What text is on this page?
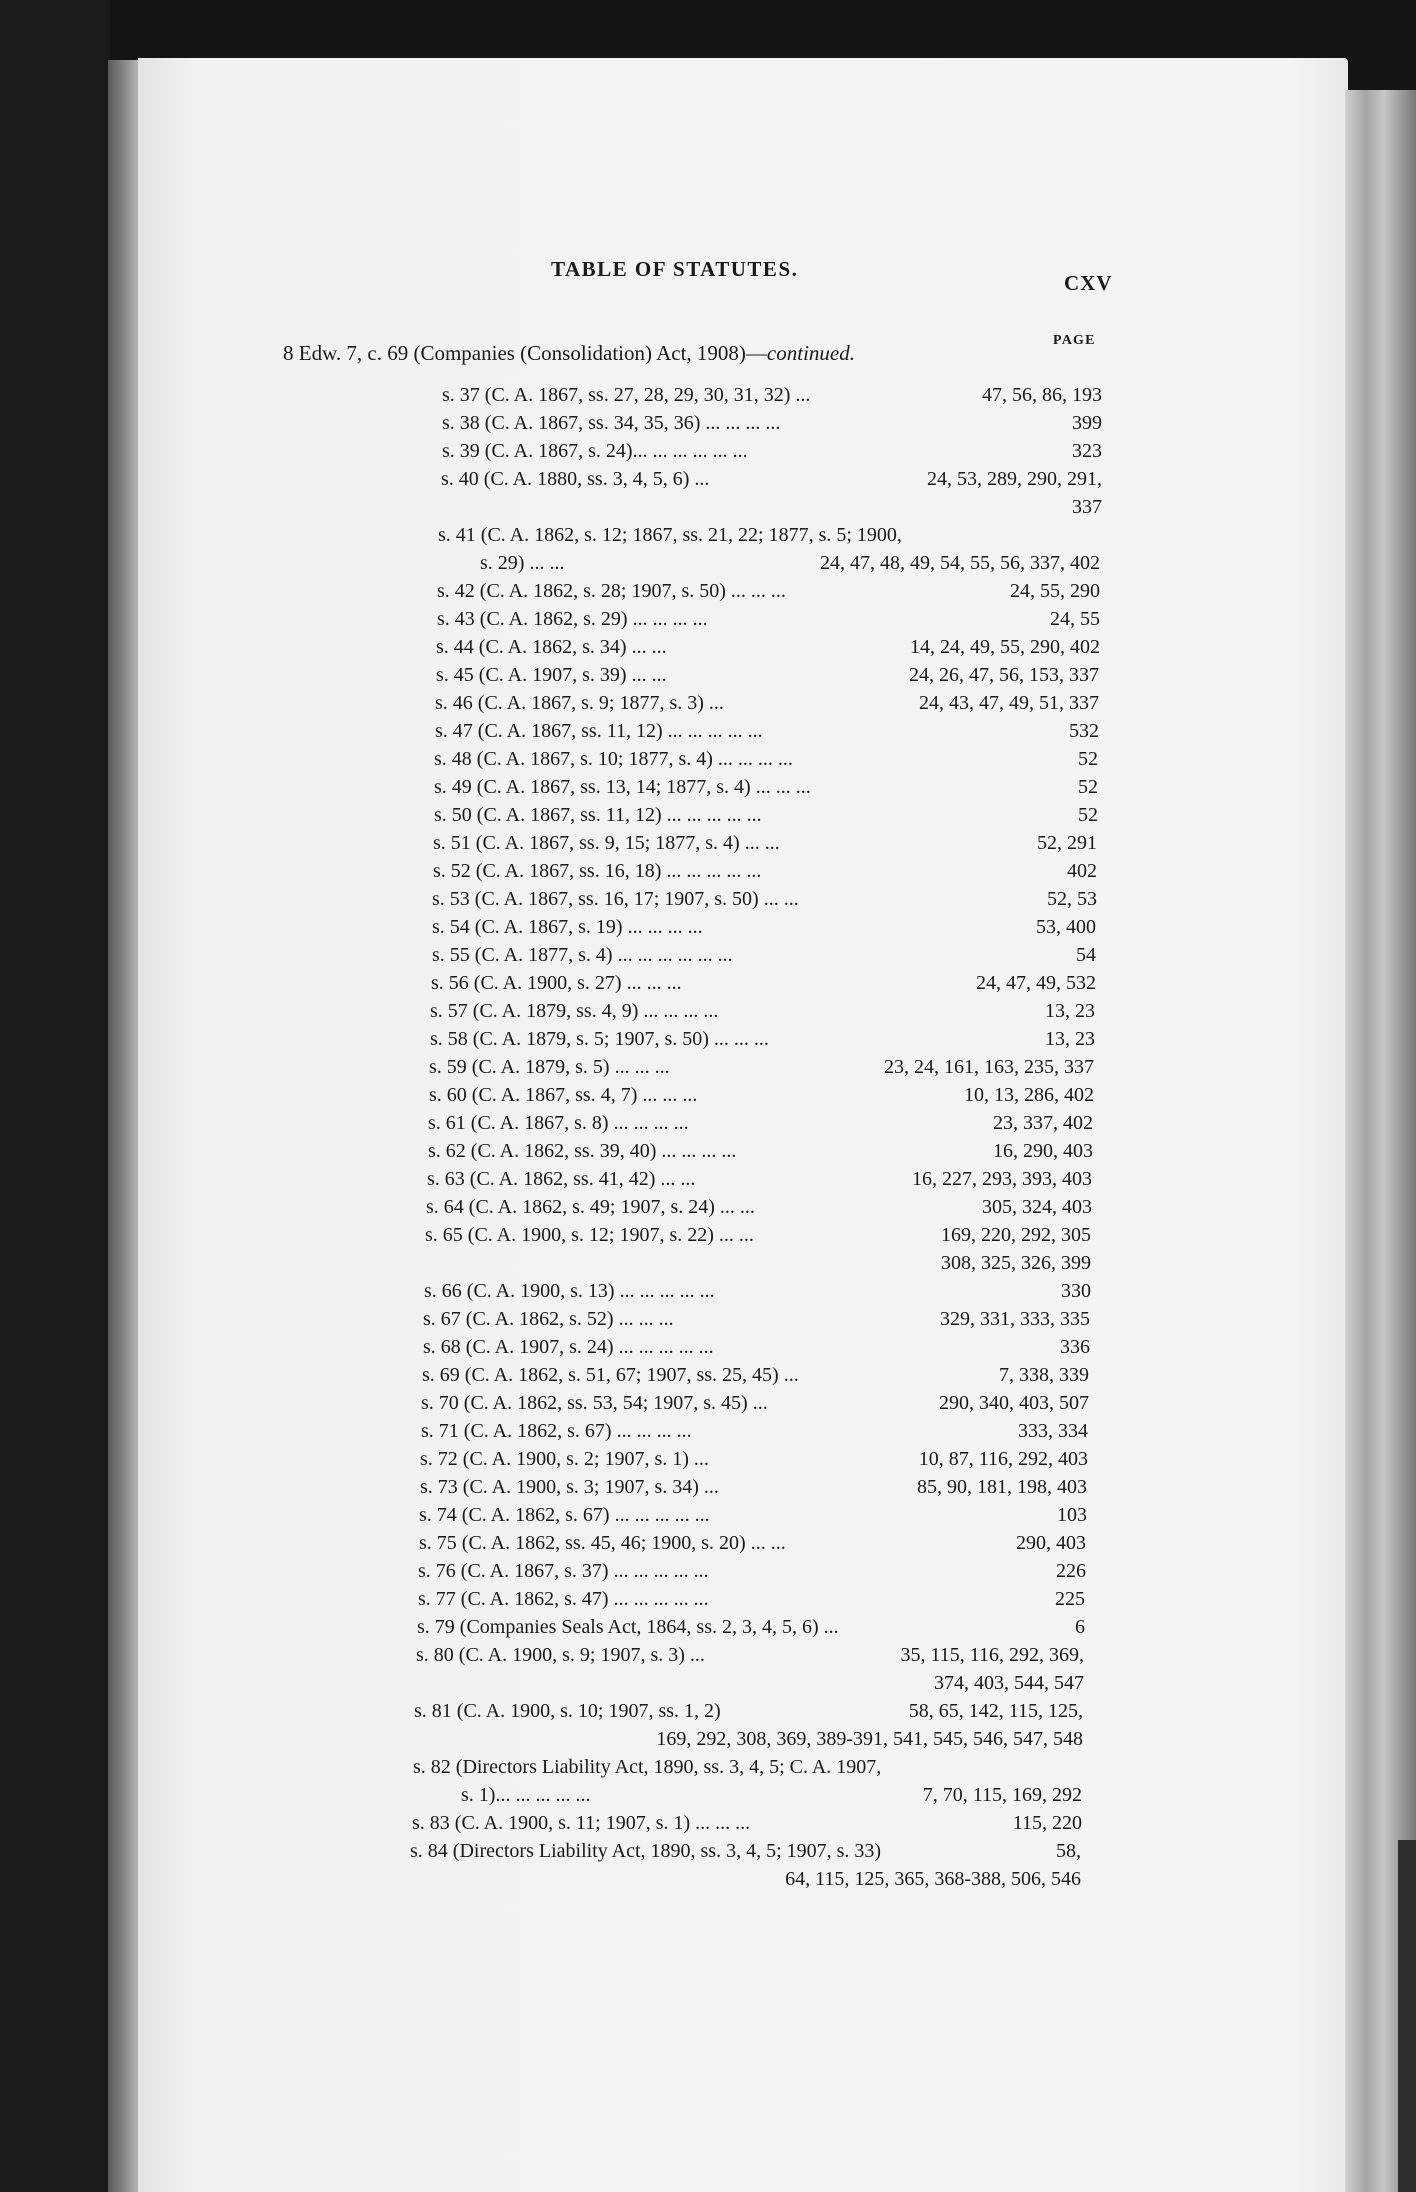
TABLE OF STATUTES.
CXV
PAGE
8 Edw. 7, c. 69 (Companies (Consolidation) Act, 1908)—continued.
s. 37 (C. A. 1867, ss. 27, 28, 29, 30, 31, 32) ...	47, 56, 86, 193
s. 38 (C. A. 1867, ss. 34, 35, 36) ... ... ... ...	399
s. 39 (C. A. 1867, s. 24)... ... ... ... ... ...	323
s. 40 (C. A. 1880, ss. 3, 4, 5, 6) ...	24, 53, 289, 290, 291,
337
s. 41 (C. A. 1862, s. 12; 1867, ss. 21, 22; 1877, s. 5; 1900,
s. 29) ... ...	24, 47, 48, 49, 54, 55, 56, 337, 402
s. 42 (C. A. 1862, s. 28; 1907, s. 50) ... ... ...	24, 55, 290
s. 43 (C. A. 1862, s. 29) ... ... ... ...	24, 55
s. 44 (C. A. 1862, s. 34) ... ...	14, 24, 49, 55, 290, 402
s. 45 (C. A. 1907, s. 39) ... ...	24, 26, 47, 56, 153, 337
s. 46 (C. A. 1867, s. 9; 1877, s. 3) ...	24, 43, 47, 49, 51, 337
s. 47 (C. A. 1867, ss. 11, 12) ... ... ... ... ...	532
s. 48 (C. A. 1867, s. 10; 1877, s. 4) ... ... ... ...	52
s. 49 (C. A. 1867, ss. 13, 14; 1877, s. 4) ... ... ...	52
s. 50 (C. A. 1867, ss. 11, 12) ... ... ... ... ...	52
s. 51 (C. A. 1867, ss. 9, 15; 1877, s. 4) ... ...	52, 291
s. 52 (C. A. 1867, ss. 16, 18) ... ... ... ... ...	402
s. 53 (C. A. 1867, ss. 16, 17; 1907, s. 50) ... ...	52, 53
s. 54 (C. A. 1867, s. 19) ... ... ... ...	53, 400
s. 55 (C. A. 1877, s. 4) ... ... ... ... ... ...	54
s. 56 (C. A. 1900, s. 27) ... ... ...	24, 47, 49, 532
s. 57 (C. A. 1879, ss. 4, 9) ... ... ... ...	13, 23
s. 58 (C. A. 1879, s. 5; 1907, s. 50) ... ... ...	13, 23
s. 59 (C. A. 1879, s. 5) ... ... ...	23, 24, 161, 163, 235, 337
s. 60 (C. A. 1867, ss. 4, 7) ... ... ...	10, 13, 286, 402
s. 61 (C. A. 1867, s. 8) ... ... ... ...	23, 337, 402
s. 62 (C. A. 1862, ss. 39, 40) ... ... ... ...	16, 290, 403
s. 63 (C. A. 1862, ss. 41, 42) ... ...	16, 227, 293, 393, 403
s. 64 (C. A. 1862, s. 49; 1907, s. 24) ... ...	305, 324, 403
s. 65 (C. A. 1900, s. 12; 1907, s. 22) ... ...	169, 220, 292, 305
308, 325, 326, 399
s. 66 (C. A. 1900, s. 13) ... ... ... ... ...	330
s. 67 (C. A. 1862, s. 52) ... ... ...	329, 331, 333, 335
s. 68 (C. A. 1907, s. 24) ... ... ... ... ...	336
s. 69 (C. A. 1862, s. 51, 67; 1907, ss. 25, 45) ...	7, 338, 339
s. 70 (C. A. 1862, ss. 53, 54; 1907, s. 45) ...	290, 340, 403, 507
s. 71 (C. A. 1862, s. 67) ... ... ... ...	333, 334
s. 72 (C. A. 1900, s. 2; 1907, s. 1) ...	10, 87, 116, 292, 403
s. 73 (C. A. 1900, s. 3; 1907, s. 34) ...	85, 90, 181, 198, 403
s. 74 (C. A. 1862, s. 67) ... ... ... ... ...	103
s. 75 (C. A. 1862, ss. 45, 46; 1900, s. 20) ... ...	290, 403
s. 76 (C. A. 1867, s. 37) ... ... ... ... ...	226
s. 77 (C. A. 1862, s. 47) ... ... ... ... ...	225
s. 79 (Companies Seals Act, 1864, ss. 2, 3, 4, 5, 6) ...	6
s. 80 (C. A. 1900, s. 9; 1907, s. 3) ...	35, 115, 116, 292, 369,
374, 403, 544, 547
s. 81 (C. A. 1900, s. 10; 1907, ss. 1, 2)	58, 65, 142, 115, 125,
169, 292, 308, 369, 389-391, 541, 545, 546, 547, 548
s. 82 (Directors Liability Act, 1890, ss. 3, 4, 5; C. A. 1907,
s. 1)... ... ... ... ...	7, 70, 115, 169, 292
s. 83 (C. A. 1900, s. 11; 1907, s. 1) ... ... ...	115, 220
s. 84 (Directors Liability Act, 1890, ss. 3, 4, 5; 1907, s. 33)	58,
64, 115, 125, 365, 368-388, 506, 546
